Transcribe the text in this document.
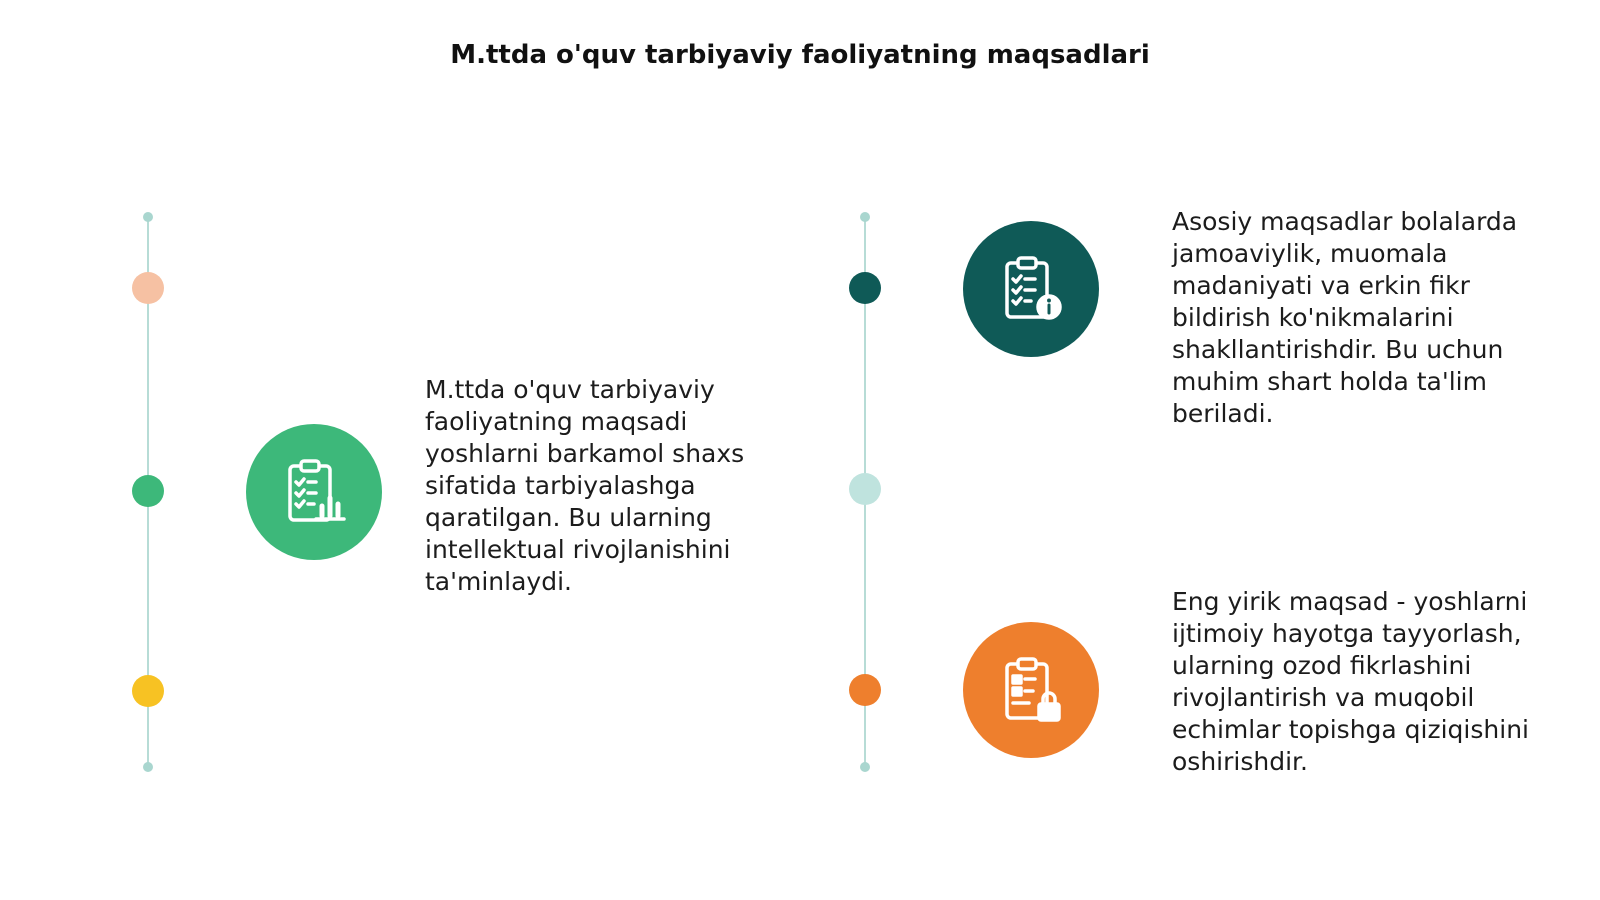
M.ttda o'quv tarbiyaviy faoliyatning maqsadlari
M.ttda o'quv tarbiyaviy faoliyatning maqsadi yoshlarni barkamol shaxs sifatida tarbiyalashga qaratilgan. Bu ularning intellektual rivojlanishini ta'minlaydi.
Asosiy maqsadlar bolalarda jamoaviylik, muomala madaniyati va erkin fikr bildirish ko'nikmalarini shakllantirishdir. Bu uchun muhim shart holda ta'lim beriladi.
Eng yirik maqsad - yoshlarni ijtimoiy hayotga tayyorlash, ularning ozod fikrlashini rivojlantirish va muqobil echimlar topishga qiziqishini oshirishdir.
